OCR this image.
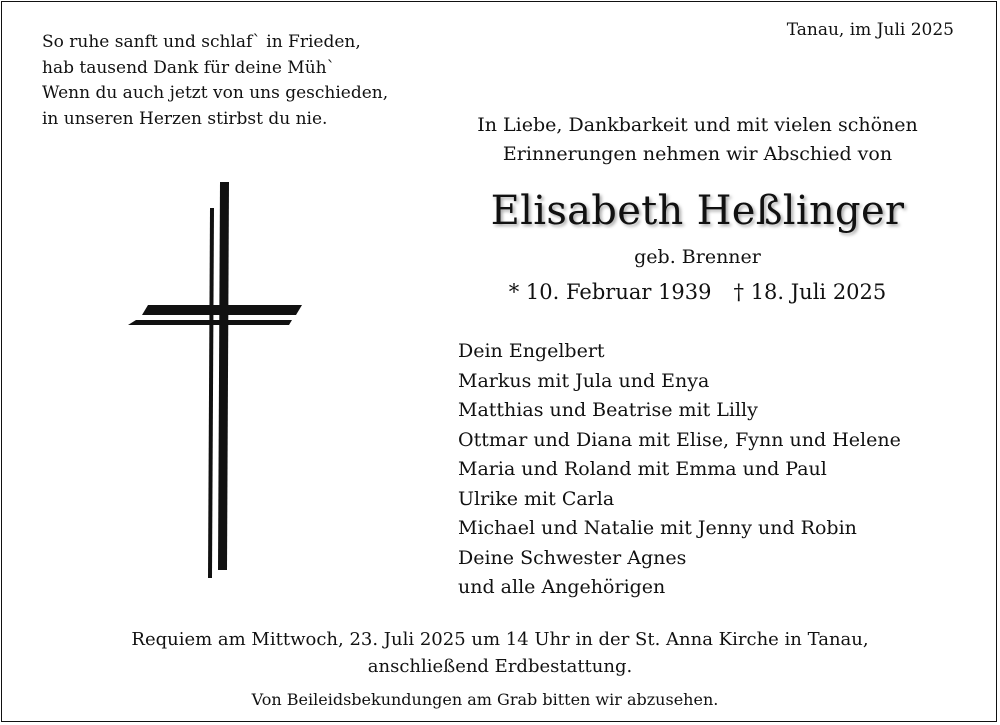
So ruhe sanft und schlaf` in Frieden,
hab tausend Dank für deine Müh`
Wenn du auch jetzt von uns geschieden,
in unseren Herzen stirbst du nie.
Tanau, im Juli 2025
In Liebe, Dankbarkeit und mit vielen schönen
Erinnerungen nehmen wir Abschied von
Elisabeth Heßlinger
geb. Brenner
* 10. Februar 1939 † 18. Juli 2025
Dein Engelbert
Markus mit Jula und Enya
Matthias und Beatrise mit Lilly
Ottmar und Diana mit Elise, Fynn und Helene
Maria und Roland mit Emma und Paul
Ulrike mit Carla
Michael und Natalie mit Jenny und Robin
Deine Schwester Agnes
und alle Angehörigen
Requiem am Mittwoch, 23. Juli 2025 um 14 Uhr in der St. Anna Kirche in Tanau,
anschließend Erdbestattung.
Von Beileidsbekundungen am Grab bitten wir abzusehen.
